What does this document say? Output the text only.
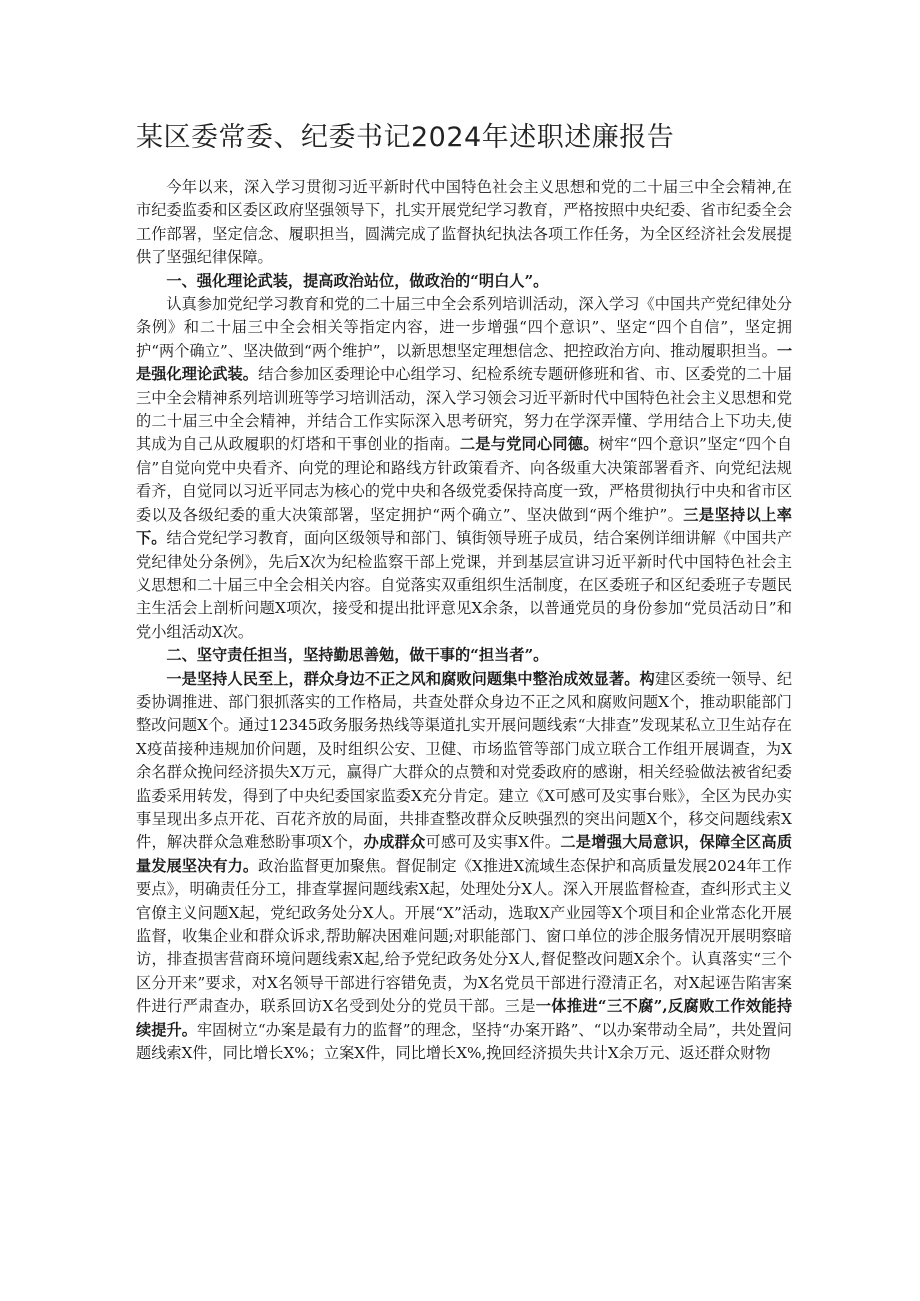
某区委常委、纪委书记2024年述职述廉报告

今年以来，深入学习贯彻习近平新时代中国特色社会主义思想和党的二十届三中全会精神,在市纪委监委和区委区政府坚强领导下，扎实开展党纪学习教育，严格按照中央纪委、省市纪委全会工作部署，坚定信念、履职担当，圆满完成了监督执纪执法各项工作任务，为全区经济社会发展提供了坚强纪律保障。

一、强化理论武装，提高政治站位，做政治的“明白人”。

认真参加党纪学习教育和党的二十届三中全会系列培训活动，深入学习《中国共产党纪律处分条例》和二十届三中全会相关等指定内容，进一步增强“四个意识”、坚定“四个自信”，坚定拥护“两个确立”、坚决做到“两个维护”，以新思想坚定理想信念、把控政治方向、推动履职担当。一是强化理论武装。结合参加区委理论中心组学习、纪检系统专题研修班和省、市、区委党的二十届三中全会精神系列培训班等学习培训活动，深入学习领会习近平新时代中国特色社会主义思想和党的二十届三中全会精神，并结合工作实际深入思考研究，努力在学深弄懂、学用结合上下功夫,使其成为自己从政履职的灯塔和干事创业的指南。二是与党同心同德。树牢“四个意识”坚定“四个自信”自觉向党中央看齐、向党的理论和路线方针政策看齐、向各级重大决策部署看齐、向党纪法规看齐，自觉同以习近平同志为核心的党中央和各级党委保持高度一致，严格贯彻执行中央和省市区委以及各级纪委的重大决策部署，坚定拥护“两个确立”、坚决做到“两个维护”。三是坚持以上率下。结合党纪学习教育，面向区级领导和部门、镇街领导班子成员，结合案例详细讲解《中国共产党纪律处分条例》，先后X次为纪检监察干部上党课，并到基层宣讲习近平新时代中国特色社会主义思想和二十届三中全会相关内容。自觉落实双重组织生活制度，在区委班子和区纪委班子专题民主生活会上剖析问题X项次，接受和提出批评意见X余条，以普通党员的身份参加“党员活动日”和党小组活动X次。

二、坚守责任担当，坚持勤思善勉，做干事的“担当者”。

一是坚持人民至上，群众身边不正之风和腐败问题集中整治成效显著。构建区委统一领导、纪委协调推进、部门狠抓落实的工作格局，共查处群众身边不正之风和腐败问题X个，推动职能部门整改问题X个。通过12345政务服务热线等渠道扎实开展问题线索“大排查”发现某私立卫生站存在X疫苗接种违规加价问题，及时组织公安、卫健、市场监管等部门成立联合工作组开展调查，为X余名群众挽问经济损失X万元，赢得广大群众的点赞和对党委政府的感谢，相关经验做法被省纪委监委采用转发，得到了中央纪委国家监委X充分肯定。建立《X可感可及实事台账》，全区为民办实事呈现出多点开花、百花齐放的局面，共排查整改群众反映强烈的突出问题X个，移交问题线索X件，解决群众急难愁盼事项X个，办成群众可感可及实事X件。二是增强大局意识，保障全区高质量发展坚决有力。政治监督更加聚焦。督促制定《X推进X流域生态保护和高质量发展2024年工作要点》，明确责任分工，排查掌握问题线索X起，处理处分X人。深入开展监督检查，查纠形式主义官僚主义问题X起，党纪政务处分X人。开展“X”活动，选取X产业园等X个项目和企业常态化开展监督，收集企业和群众诉求,帮助解决困难问题;对职能部门、窗口单位的涉企服务情况开展明察暗访，排查损害营商环境问题线索X起,给予党纪政务处分X人,督促整改问题X余个。认真落实“三个区分开来”要求，对X名领导干部进行容错免责，为X名党员干部进行澄清正名，对X起诬告陷害案件进行严肃查办，联系回访X名受到处分的党员干部。三是一体推进“三不腐”,反腐败工作效能持续提升。牢固树立“办案是最有力的监督”的理念，坚持“办案开路”、“以办案带动全局”，共处置问题线索X件，同比增长X%；立案X件，同比增长X%,挽回经济损失共计X余万元、返还群众财物
